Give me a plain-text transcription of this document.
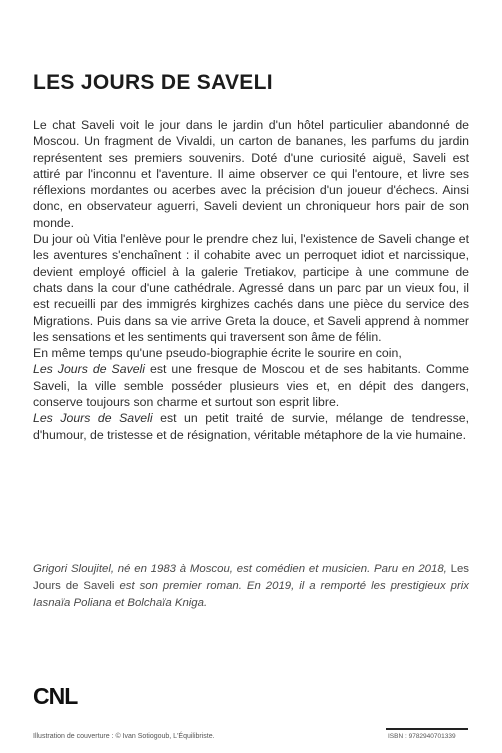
LES JOURS DE SAVELI

Le chat Saveli voit le jour dans le jardin d'un hôtel particulier abandonné de Moscou. Un fragment de Vivaldi, un carton de bananes, les parfums du jardin représentent ses premiers souvenirs. Doté d'une curiosité aiguë, Saveli est attiré par l'inconnu et l'aventure. Il aime observer ce qui l'entoure, et livre ses réflexions mordantes ou acerbes avec la précision d'un joueur d'échecs. Ainsi donc, en observateur aguerri, Saveli devient un chroniqueur hors pair de son monde.

Du jour où Vitia l'enlève pour le prendre chez lui, l'existence de Saveli change et les aventures s'enchaînent : il cohabite avec un perroquet idiot et narcissique, devient employé officiel à la galerie Tretiakov, participe à une commune de chats dans la cour d'une cathédrale. Agressé dans un parc par un vieux fou, il est recueilli par des immigrés kirghizes cachés dans une pièce du service des Migrations. Puis dans sa vie arrive Greta la douce, et Saveli apprend à nommer les sensations et les sentiments qui traversent son âme de félin.

En même temps qu'une pseudo-biographie écrite le sourire en coin,
Les Jours de Saveli est une fresque de Moscou et de ses habitants. Comme Saveli, la ville semble posséder plusieurs vies et, en dépit des dangers, conserve toujours son charme et surtout son esprit libre.

Les Jours de Saveli est un petit traité de survie, mélange de tendresse, d'humour, de tristesse et de résignation, véritable métaphore de la vie humaine.

Grigori Sloujitel, né en 1983 à Moscou, est comédien et musicien. Paru en 2018, Les Jours de Saveli est son premier roman. En 2019, il a remporté les prestigieux prix Iasnaïa Poliana et Bolchaïa Kniga.

CNL
Illustration de couverture : © Ivan Sotiogoub, L'Équilibriste.	ISBN : 9782940701339
